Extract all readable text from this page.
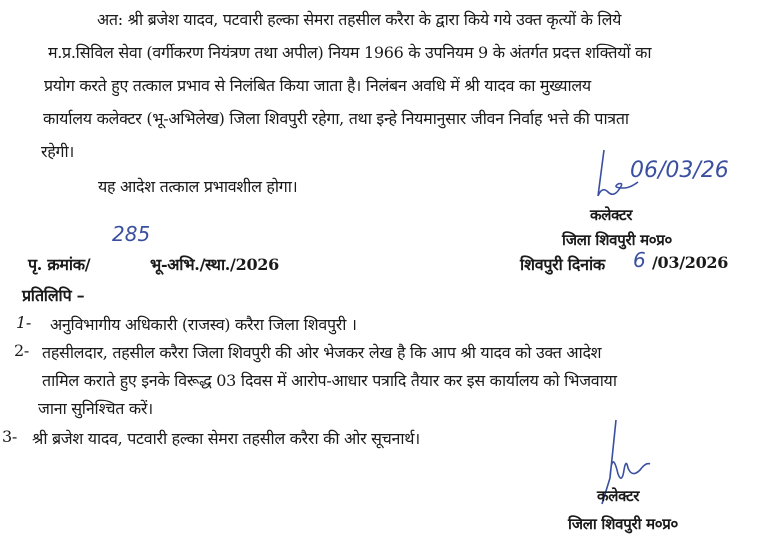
अत: श्री ब्रजेश यादव, पटवारी हल्का सेमरा तहसील करैरा के द्वारा किये गये उक्त कृत्यों के लिये
म.प्र.सिविल सेवा (वर्गीकरण नियंत्रण तथा अपील) नियम 1966 के उपनियम 9 के अंतर्गत प्रदत्त शक्तियों का
प्रयोग करते हुए तत्काल प्रभाव से निलंबित किया जाता है। निलंबन अवधि में श्री यादव का मुख्यालय
कार्यालय कलेक्टर (भू-अभिलेख) जिला शिवपुरी रहेगा, तथा इन्हे नियमानुसार जीवन निर्वाह भत्ते की पात्रता
रहेगी।
यह आदेश तत्काल प्रभावशील होगा।
06/03/26
कलेक्टर
जिला शिवपुरी म०प्र०
285
पृ. क्रमांक/	भू-अभि./स्था./2026	शिवपुरी दिनांक 6 /03/2026
प्रतिलिपि –
1- अनुविभागीय अधिकारी (राजस्व) करैरा जिला शिवपुरी ।
2- तहसीलदार, तहसील करैरा जिला शिवपुरी की ओर भेजकर लेख है कि आप श्री यादव को उक्त आदेश
तामिल कराते हुए इनके विरूद्ध 03 दिवस में आरोप-आधार पत्रादि तैयार कर इस कार्यालय को भिजवाया
जाना सुनिश्चित करें।
3- श्री ब्रजेश यादव, पटवारी हल्का सेमरा तहसील करैरा की ओर सूचनार्थ।
कलेक्टर
जिला शिवपुरी म०प्र०
